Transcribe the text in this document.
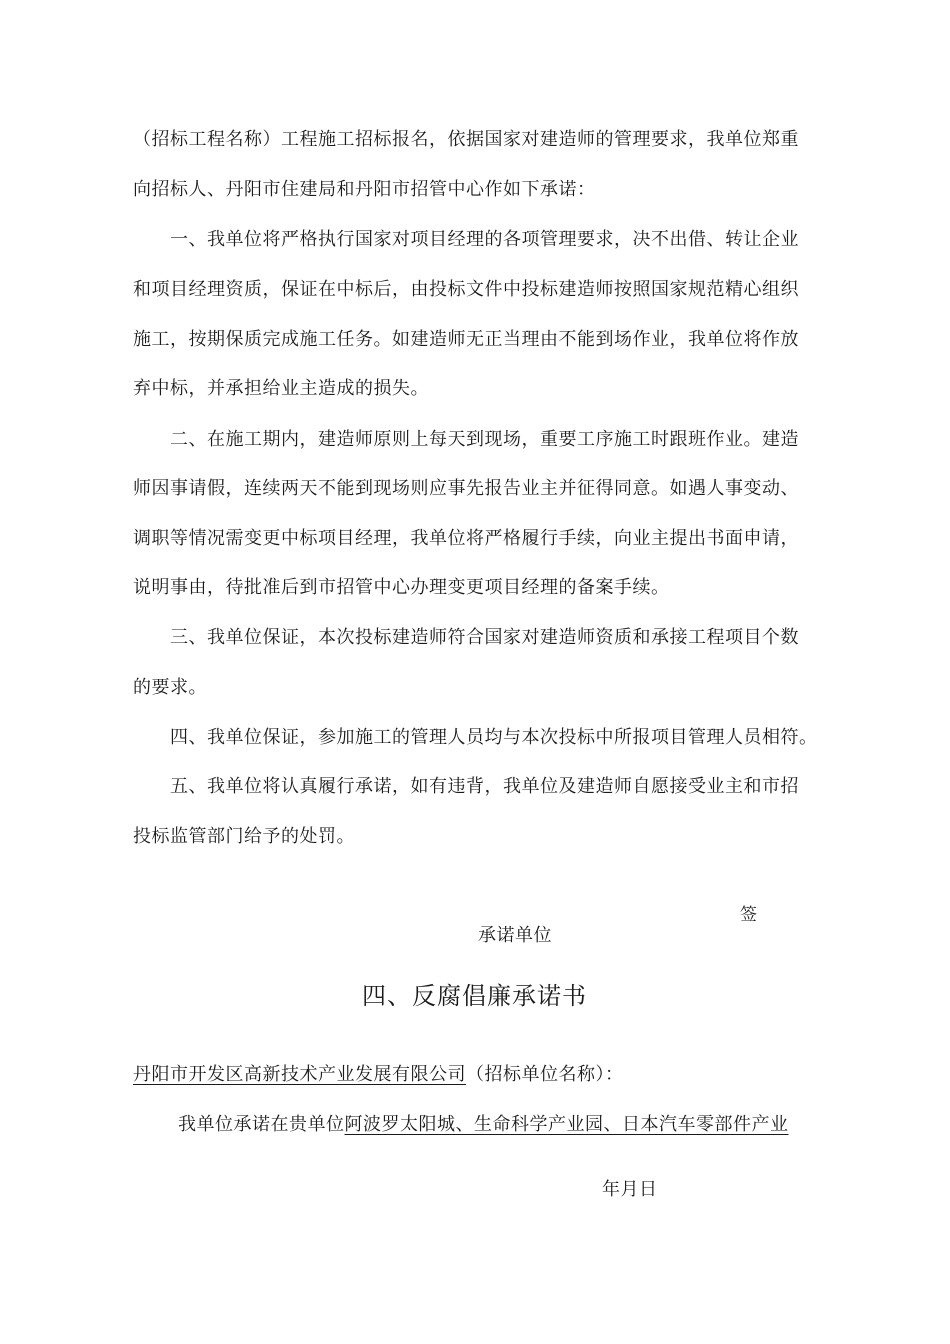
（招标工程名称）工程施工招标报名，依据国家对建造师的管理要求，我单位郑重
向招标人、丹阳市住建局和丹阳市招管中心作如下承诺：
一、我单位将严格执行国家对项目经理的各项管理要求，决不出借、转让企业
和项目经理资质，保证在中标后，由投标文件中投标建造师按照国家规范精心组织
施工，按期保质完成施工任务。如建造师无正当理由不能到场作业，我单位将作放
弃中标，并承担给业主造成的损失。
二、在施工期内，建造师原则上每天到现场，重要工序施工时跟班作业。建造
师因事请假，连续两天不能到现场则应事先报告业主并征得同意。如遇人事变动、
调职等情况需变更中标项目经理，我单位将严格履行手续，向业主提出书面申请，
说明事由，待批准后到市招管中心办理变更项目经理的备案手续。
三、我单位保证，本次投标建造师符合国家对建造师资质和承接工程项目个数
的要求。
四、我单位保证，参加施工的管理人员均与本次投标中所报项目管理人员相符。
五、我单位将认真履行承诺，如有违背，我单位及建造师自愿接受业主和市招
投标监管部门给予的处罚。
签
承诺单位
四、反腐倡廉承诺书
丹阳市开发区高新技术产业发展有限公司（招标单位名称）：
我单位承诺在贵单位阿波罗太阳城、生命科学产业园、日本汽车零部件产业
年月日
